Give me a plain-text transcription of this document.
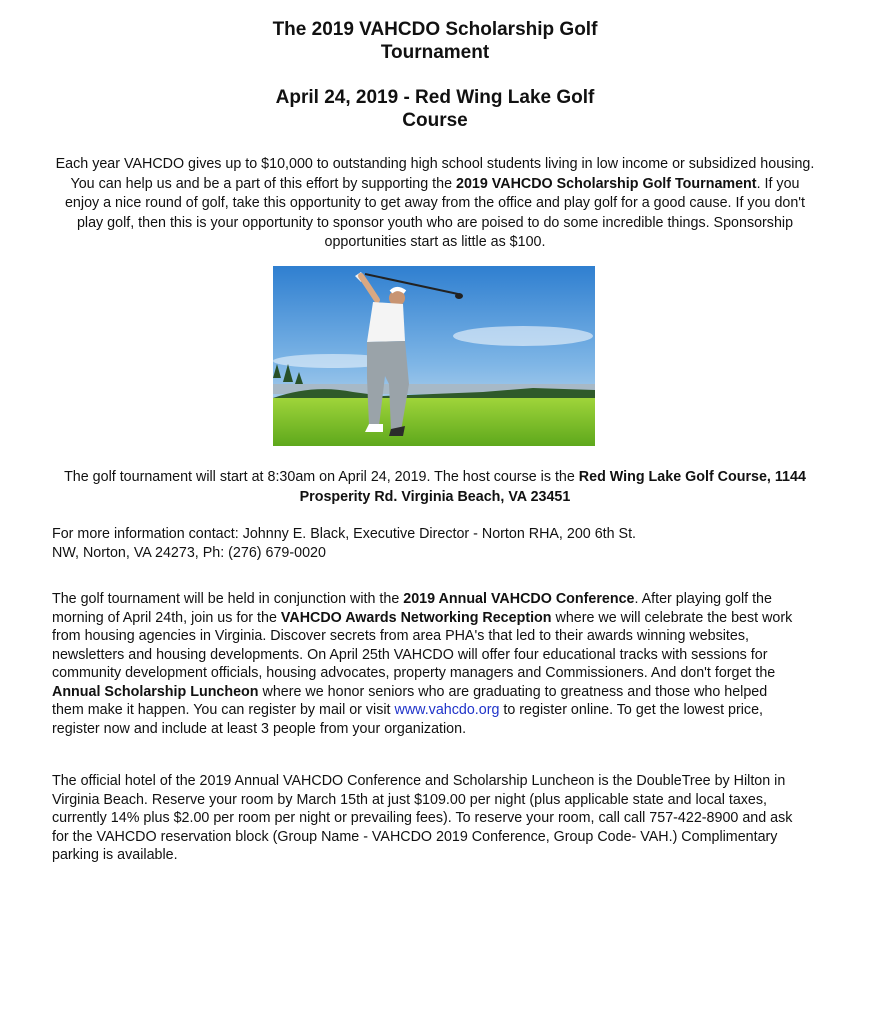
The 2019 VAHCDO Scholarship Golf
Tournament
April 24, 2019 - Red Wing Lake Golf
Course

Each year VAHCDO gives up to $10,000 to outstanding high school students living in low income or subsidized housing. You can help us and be a part of this effort by supporting the 2019 VAHCDO Scholarship Golf Tournament. If you enjoy a nice round of golf, take this opportunity to get away from the office and play golf for a good cause. If you don't play golf, then this is your opportunity to sponsor youth who are poised to do some incredible things. Sponsorship opportunities start as little as $100.

The golf tournament will start at 8:30am on April 24, 2019. The host course is the Red Wing Lake Golf Course, 1144 Prosperity Rd. Virginia Beach, VA 23451

For more information contact: Johnny E. Black, Executive Director - Norton RHA, 200 6th St.
NW, Norton, VA 24273, Ph: (276) 679-0020

The golf tournament will be held in conjunction with the 2019 Annual VAHCDO Conference. After playing golf the morning of April 24th, join us for the VAHCDO Awards Networking Reception where we will celebrate the best work from housing agencies in Virginia. Discover secrets from area PHA's that led to their awards winning websites, newsletters and housing developments. On April 25th VAHCDO will offer four educational tracks with sessions for community development officials, housing advocates, property managers and Commissioners. And don't forget the Annual Scholarship Luncheon where we honor seniors who are graduating to greatness and those who helped them make it happen. You can register by mail or visit www.vahcdo.org to register online. To get the lowest price, register now and include at least 3 people from your organization.

The official hotel of the 2019 Annual VAHCDO Conference and Scholarship Luncheon is the DoubleTree by Hilton in Virginia Beach. Reserve your room by March 15th at just $109.00 per night (plus applicable state and local taxes, currently 14% plus $2.00 per room per night or prevailing fees). To reserve your room, call call 757-422-8900 and ask for the VAHCDO reservation block (Group Name - VAHCDO 2019 Conference, Group Code- VAH.) Complimentary parking is available.
